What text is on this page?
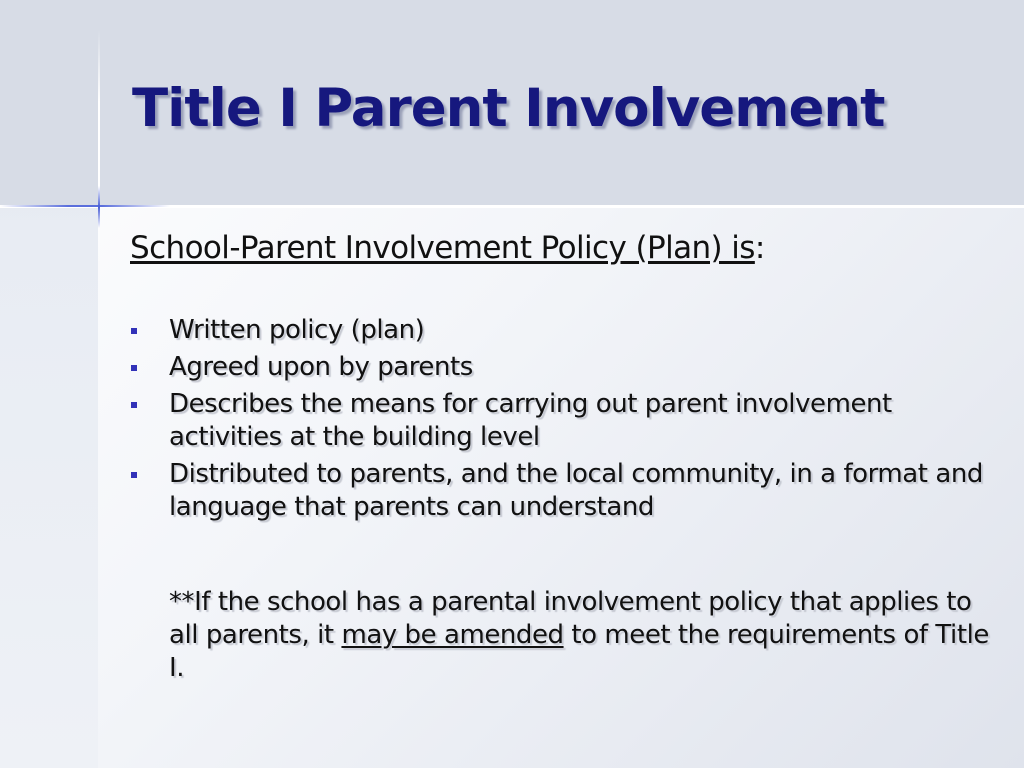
Title I Parent Involvement

School-Parent Involvement Policy (Plan) is:

Written policy (plan)
Agreed upon by parents
Describes the means for carrying out parent involvement activities at the building level
Distributed to parents, and the local community, in a format and language that parents can understand

**If the school has a parental involvement policy that applies to all parents, it may be amended to meet the requirements of Title I.
